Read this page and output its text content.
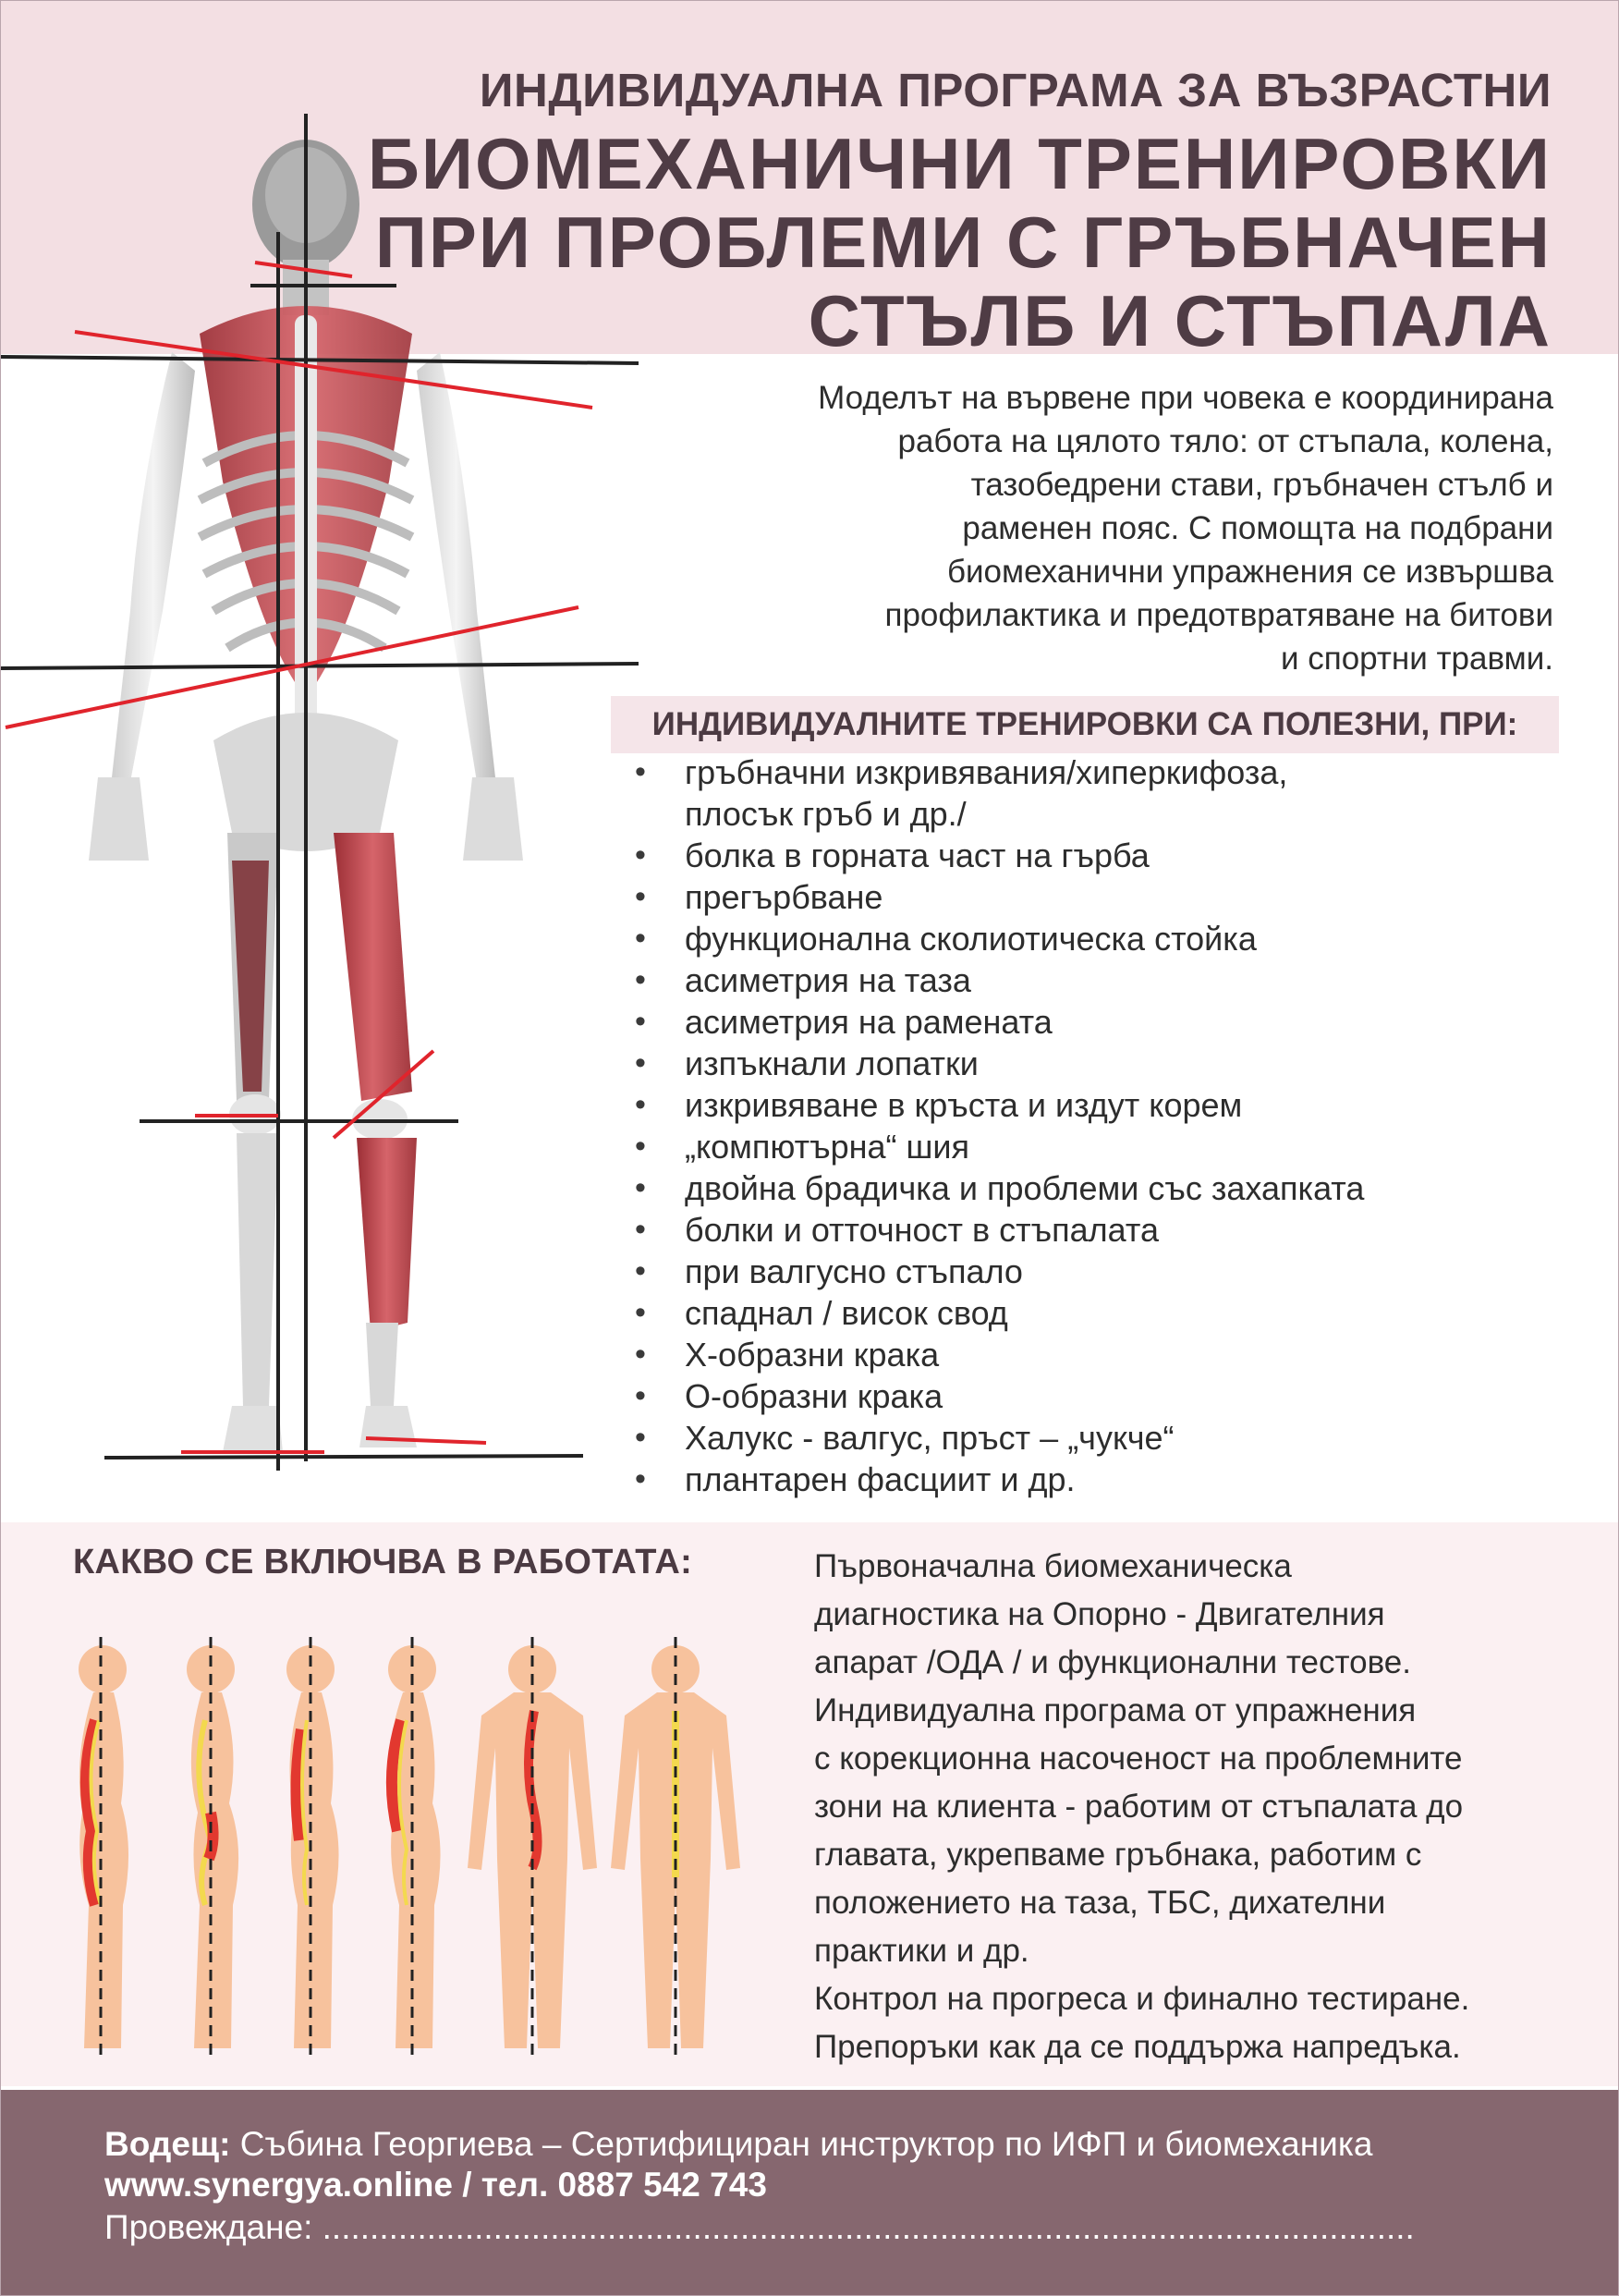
ИНДИВИДУАЛНА ПРОГРАМА ЗА ВЪЗРАСТНИ
БИОМЕХАНИЧНИ ТРЕНИРОВКИ
ПРИ ПРОБЛЕМИ С ГРЪБНАЧЕН
СТЪЛБ И СТЪПАЛА
Моделът на вървене при човека е координирана
работа на цялото тяло: от стъпала, колена,
тазобедрени стави, гръбначен стълб и
раменен пояс. С помощта на подбрани
биомеханични упражнения се извършва
профилактика и предотвратяване на битови
и спортни травми.
ИНДИВИДУАЛНИТЕ ТРЕНИРОВКИ СА ПОЛЕЗНИ, ПРИ:
• гръбначни изкривявания/хиперкифоза,
плосък гръб и др./
• болка в горната част на гърба
• прегърбване
• функционална сколиотическа стойка
• асиметрия на таза
• асиметрия на рамената
• изпъкнали лопатки
• изкривяване в кръста и издут корем
• „компютърна“ шия
• двойна брадичка и проблеми със захапката
• болки и отточност в стъпалата
• при валгусно стъпало
• спаднал / висок свод
• Х-образни крака
• О-образни крака
• Халукс - валгус, пръст – „чукче“
• плантарен фасциит и др.
КАКВО СЕ ВКЛЮЧВА В РАБОТАТА:	Първоначална биомеханическа

диагностика на Опорно - Двигателния

апарат /ОДА / и функционални тестове.

Индивидуална програма от упражнения

с корекционна насоченост на проблемните

зони на клиента - работим от стъпалата до

главата, укрепваме гръбнака, работим с

положението на таза, ТБС, дихателни

практики и др.

Контрол на прогреса и финално тестиране.

Препоръки как да се поддържа напредъка.

Водещ: Събина Георгиева – Сертифициран инструктор по ИФП и биомеханика
www.synergya.online / тел. 0887 542 743
Провеждане: ...................................................................................................................
